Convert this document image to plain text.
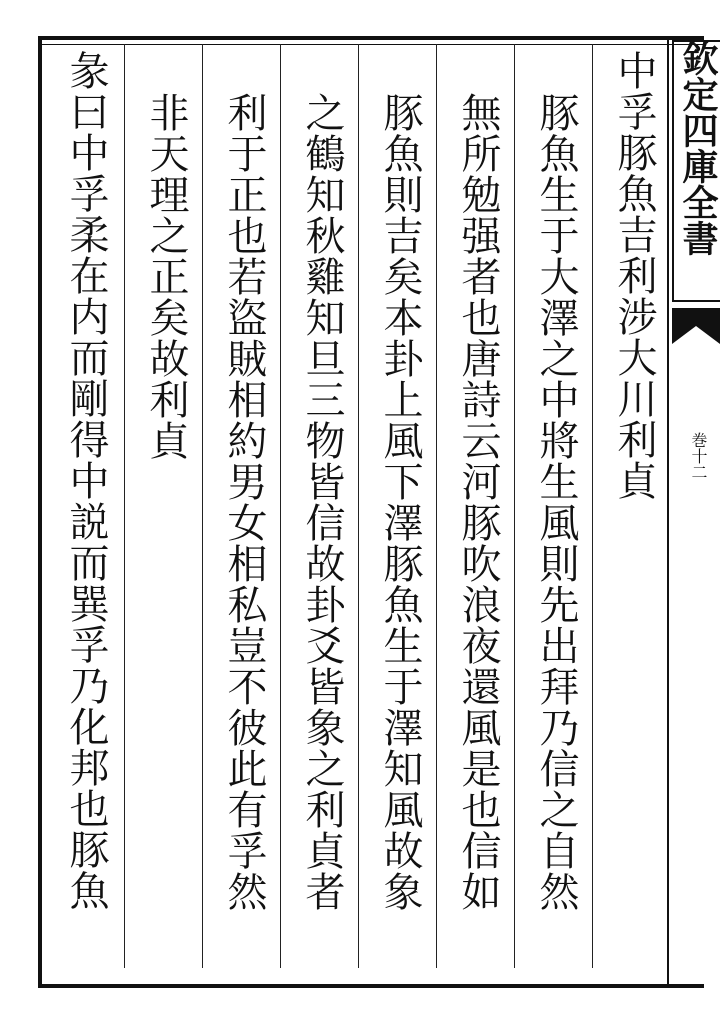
中孚豚魚吉利涉大川利貞
豚魚生于大澤之中將生風則先出拜乃信之自然
無所勉强者也唐詩云河豚吹浪夜還風是也信如
豚魚則吉矣本卦上風下澤豚魚生于澤知風故象
之鶴知秋雞知旦三物皆信故卦爻皆象之利貞者
利于正也若盜賊相約男女相私豈不彼此有孚然
非天理之正矣故利貞
彖曰中孚柔在内而剛得中説而巽孚乃化邦也豚魚	欽定四庫全書
巻十二
